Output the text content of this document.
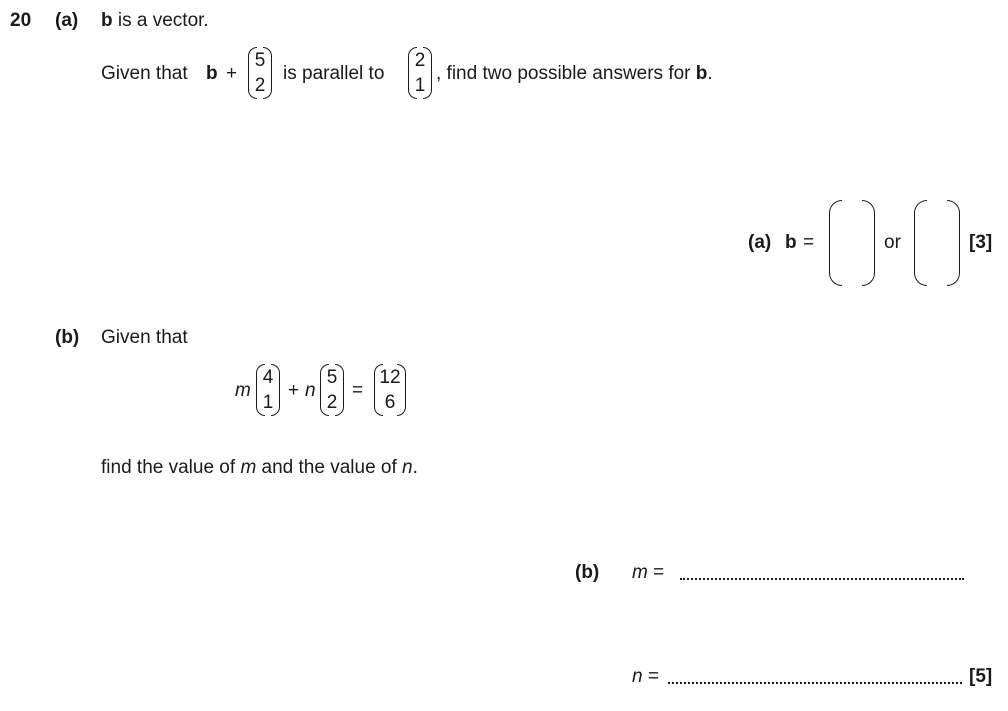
20 (a) b is a vector.
Given that b +
5
2
is parallel to
2
1
, find two possible answers for b.
(a) b =	or	[3]
(b) Given that
m
4
1
+ n
5
2
=
12
6
find the value of m and the value of n.
(b) m =
n =	[5]
